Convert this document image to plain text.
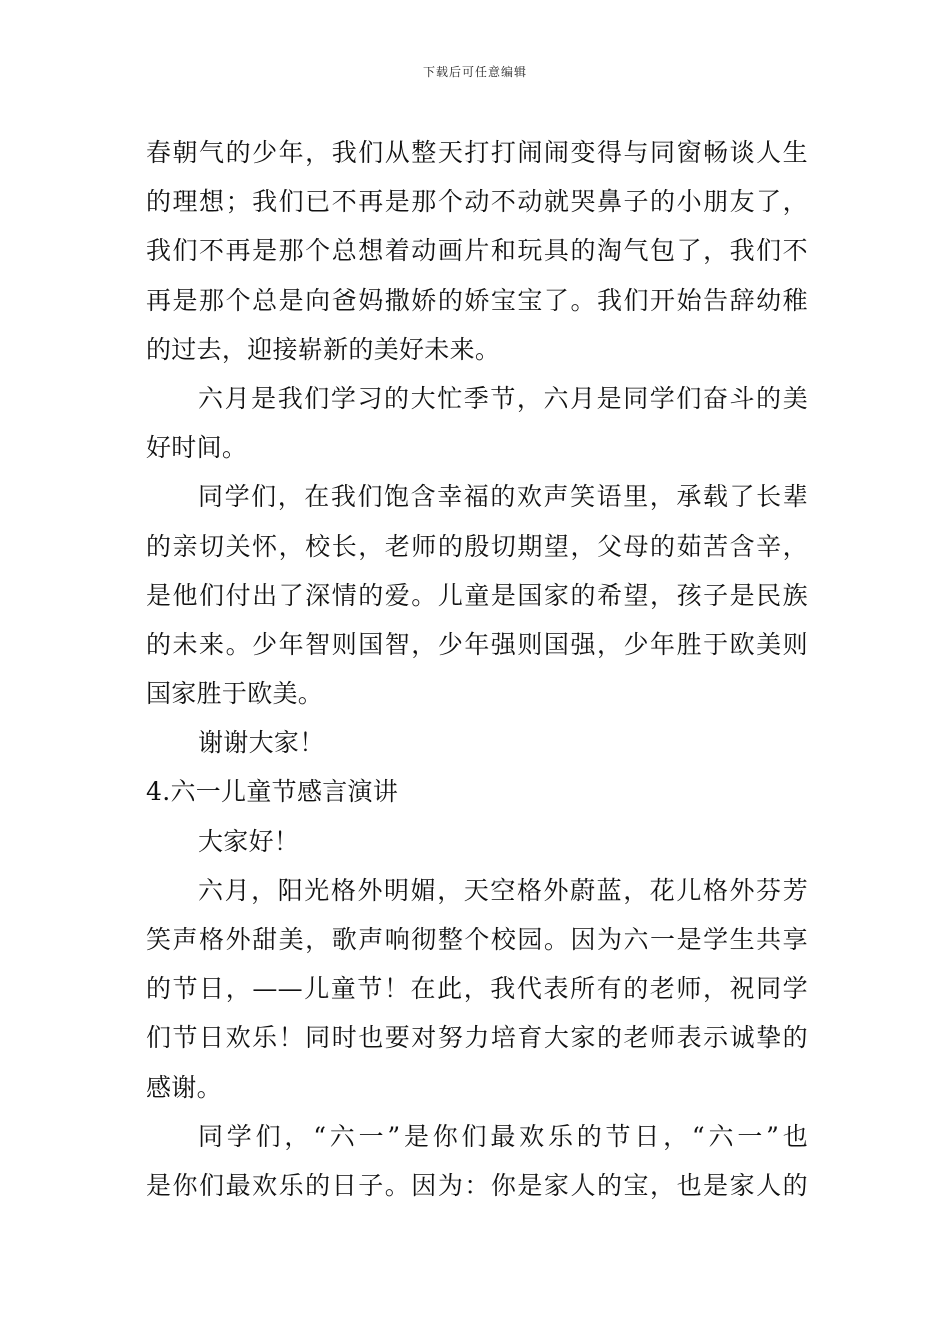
下载后可任意编辑
春朝气的少年，我们从整天打打闹闹变得与同窗畅谈人生
的理想；我们已不再是那个动不动就哭鼻子的小朋友了，
我们不再是那个总想着动画片和玩具的淘气包了，我们不
再是那个总是向爸妈撒娇的娇宝宝了。我们开始告辞幼稚
的过去，迎接崭新的美好未来。
六月是我们学习的大忙季节，六月是同学们奋斗的美
好时间。
同学们，在我们饱含幸福的欢声笑语里，承载了长辈
的亲切关怀，校长，老师的殷切期望，父母的茹苦含辛，
是他们付出了深情的爱。儿童是国家的希望，孩子是民族
的未来。少年智则国智，少年强则国强，少年胜于欧美则
国家胜于欧美。
谢谢大家！
4.六一儿童节感言演讲
大家好！
六月，阳光格外明媚，天空格外蔚蓝，花儿格外芬芳
笑声格外甜美，歌声响彻整个校园。因为六一是学生共享
的节日，——儿童节！在此，我代表所有的老师，祝同学
们节日欢乐！同时也要对努力培育大家的老师表示诚挚的
感谢。
同学们，“六一”是你们最欢乐的节日，“六一”也
是你们最欢乐的日子。因为：你是家人的宝，也是家人的
